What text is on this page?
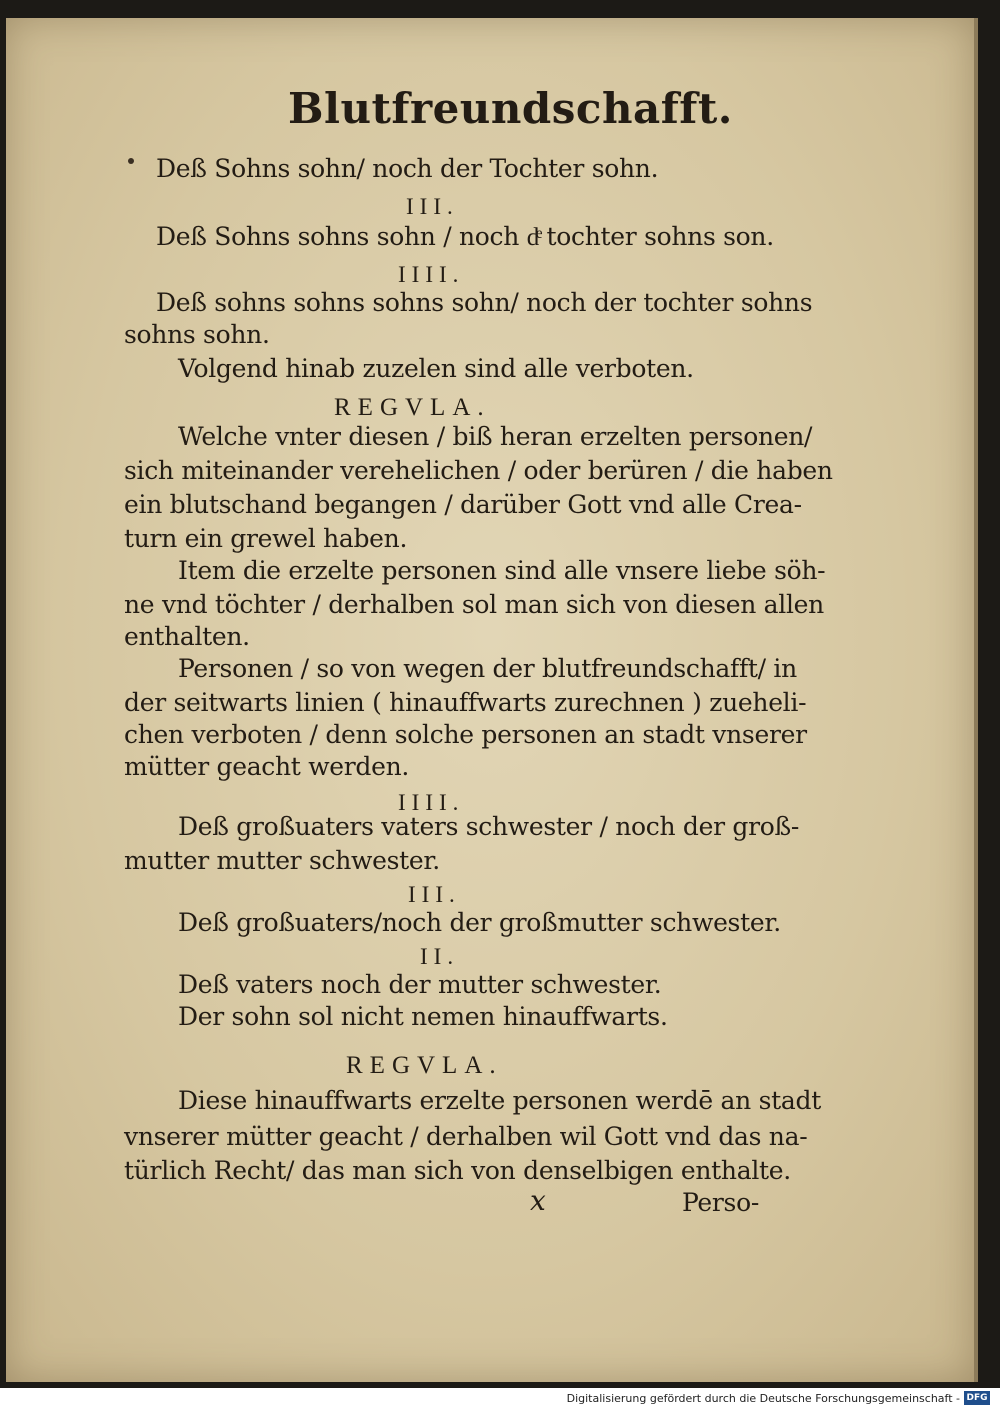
Blutfreundschafft.
Deß Sohns sohn/ noch der Tochter sohn.
III.
Deß Sohns sohns sohn / noch dͤ tochter sohns son.
IIII.
Deß sohns sohns sohns sohn/ noch der tochter sohns
sohns sohn.
Volgend hinab zuzelen sind alle verboten.
REGVLA.
Welche vnter diesen / biß heran erzelten personen/
sich miteinander verehelichen / oder berüren / die haben
ein blutschand begangen / darüber Gott vnd alle Crea-
turn ein grewel haben.
Item die erzelte personen sind alle vnsere liebe söh-
ne vnd töchter / derhalben sol man sich von diesen allen
enthalten.
Personen / so von wegen der blutfreundschafft/ in
der seitwarts linien ( hinauffwarts zurechnen ) zueheli-
chen verboten / denn solche personen an stadt vnserer
mütter geacht werden.
IIII.
Deß großuaters vaters schwester / noch der groß-
mutter mutter schwester.
III.
Deß großuaters/noch der großmutter schwester.
II.
Deß vaters noch der mutter schwester.
Der sohn sol nicht nemen hinauffwarts.
REGVLA.
Diese hinauffwarts erzelte personen werdē an stadt
vnserer mütter geacht / derhalben wil Gott vnd das na-
türlich Recht/ das man sich von denselbigen enthalte.
x	Perso-
Digitalisierung gefördert durch die Deutsche Forschungsgemeinschaft - DFG
